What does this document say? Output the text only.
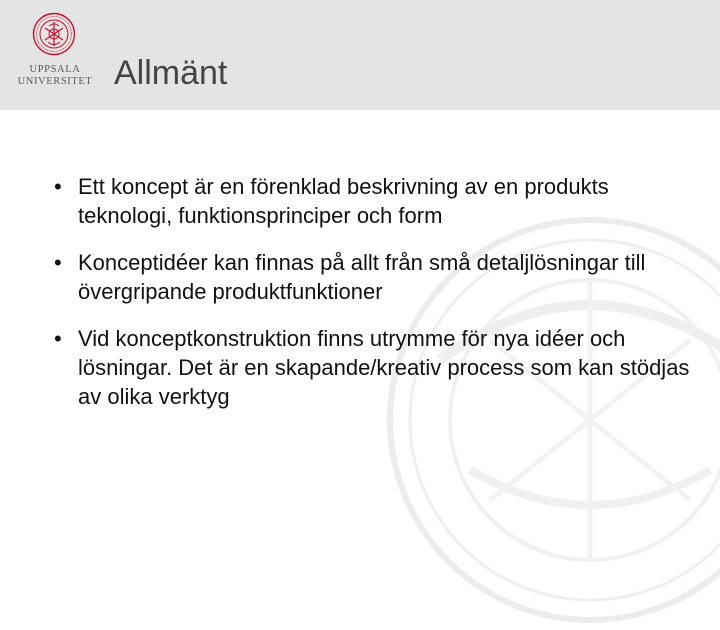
UPPSALA
UNIVERSITET Allmänt
• Ett koncept är en förenklad beskrivning av en produkts teknologi, funktionsprinciper och form
• Konceptidéer kan finnas på allt från små detaljlösningar till övergripande produktfunktioner
• Vid konceptkonstruktion finns utrymme för nya idéer och lösningar. Det är en skapande/kreativ process som kan stödjas av olika verktyg
